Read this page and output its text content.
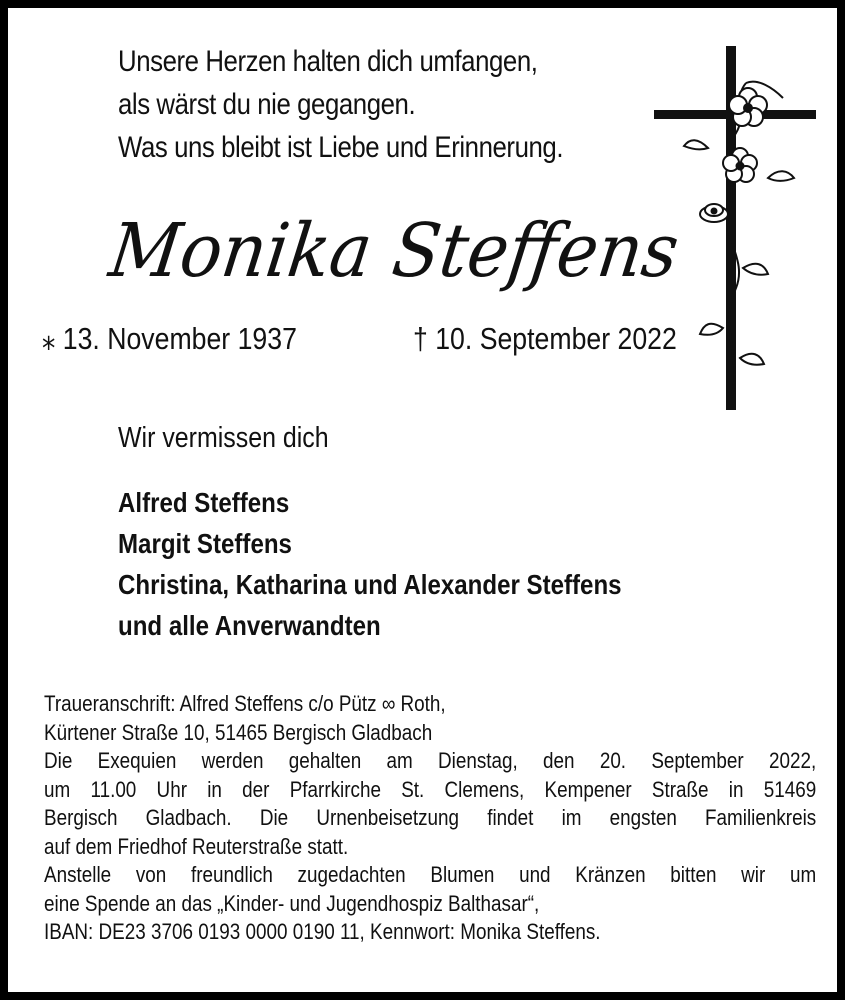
Unsere Herzen halten dich umfangen,
als wärst du nie gegangen.
Was uns bleibt ist Liebe und Erinnerung.
Monika Steffens
⁎ 13. November 1937	† 10. September 2022
Wir vermissen dich
Alfred Steffens
Margit Steffens
Christina, Katharina und Alexander Steffens
und alle Anverwandten
Traueranschrift: Alfred Steffens c/o Pütz ∞ Roth,
Kürtener Straße 10, 51465 Bergisch Gladbach
Die Exequien werden gehalten am Dienstag, den 20. September 2022,
um 11.00 Uhr in der Pfarrkirche St. Clemens, Kempener Straße in 51469
Bergisch Gladbach. Die Urnenbeisetzung findet im engsten Familienkreis
auf dem Friedhof Reuterstraße statt.
Anstelle von freundlich zugedachten Blumen und Kränzen bitten wir um
eine Spende an das „Kinder- und Jugendhospiz Balthasar“,
IBAN: DE23 3706 0193 0000 0190 11, Kennwort: Monika Steffens.
